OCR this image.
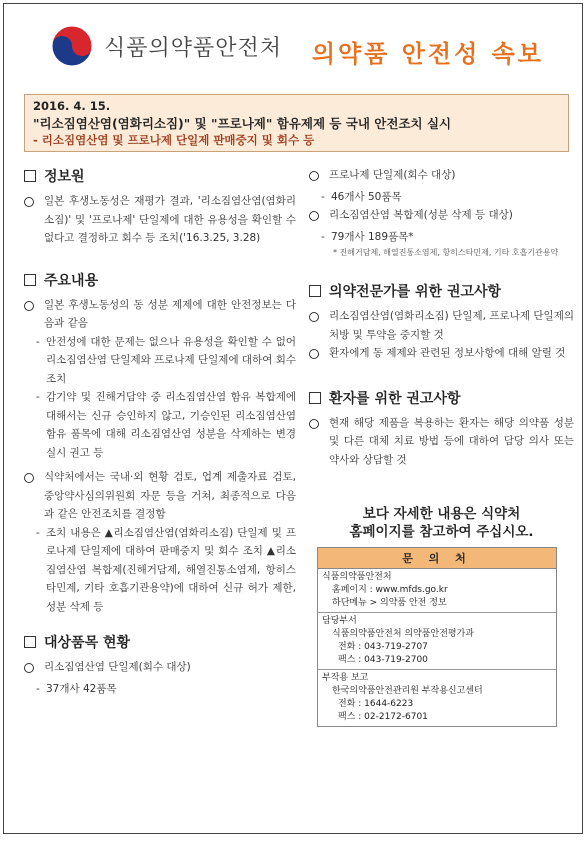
식품의약품안전처 의약품 안전성 속보
2016. 4. 15.
"리소짐염산염(염화리소짐)" 및 "프로나제" 함유제제 등 국내 안전조치 실시
- 리소짐염산염 및 프로나제 단일제 판매중지 및 회수 등
정보원
일본 후생노동성은 재평가 결과, '리소짐염산염(염화리소짐)' 및 '프로나제' 단일제에 대한 유용성을 확인할 수 없다고 결정하고 회수 등 조치('16.3.25, 3.28)
주요내용
일본 후생노동성의 동 성분 제제에 대한 안전정보는 다음과 같음
- 안전성에 대한 문제는 없으나 유용성을 확인할 수 없어 리소짐염산염 단일제와 프로나제 단일제에 대하여 회수 조치
- 감기약 및 진해거담약 중 리소짐염산염 함유 복합제에 대해서는 신규 승인하지 않고, 기승인된 리소짐염산염 함유 품목에 대해 리소짐염산염 성분을 삭제하는 변경 실시 권고 등
식약처에서는 국내·외 현황 검토, 업계 제출자료 검토, 중앙약사심의위원회 자문 등을 거쳐, 최종적으로 다음과 같은 안전조치를 결정함
- 조치 내용은 ▲리소짐염산염(염화리소짐) 단일제 및 프로나제 단일제에 대하여 판매중지 및 회수 조치 ▲리소짐염산염 복합제(진해거담제, 해열진통소염제, 항히스타민제, 기타 호흡기관용약)에 대하여 신규 허가 제한, 성분 삭제 등
대상품목 현황
리소짐염산염 단일제(회수 대상)
- 37개사 42품목
프로나제 단일제(회수 대상)
- 46개사 50품목
리소짐염산염 복합제(성분 삭제 등 대상)
- 79개사 189품목*
* 진해거담제, 해열진통소염제, 항히스타민제, 기타 호흡기관용약
의약전문가를 위한 권고사항
리소짐염산염(염화리소짐) 단일제, 프로나제 단일제의 처방 및 투약을 중지할 것
환자에게 동 제제와 관련된 정보사항에 대해 알릴 것
환자를 위한 권고사항
현재 해당 제품을 복용하는 환자는 해당 의약품 성분 및 다른 대체 치료 방법 등에 대하여 담당 의사 또는 약사와 상담할 것
보다 자세한 내용은 식약처
홈페이지를 참고하여 주십시오.
문 의 처
식품의약품안전처
홈페이지 : www.mfds.go.kr
하단메뉴 > 의약품 안전 정보
담당부서
식품의약품안전처 의약품안전평가과
전화 : 043-719-2707
팩스 : 043-719-2700
부작용 보고
한국의약품안전관리원 부작용신고센터
전화 : 1644-6223
팩스 : 02-2172-6701
